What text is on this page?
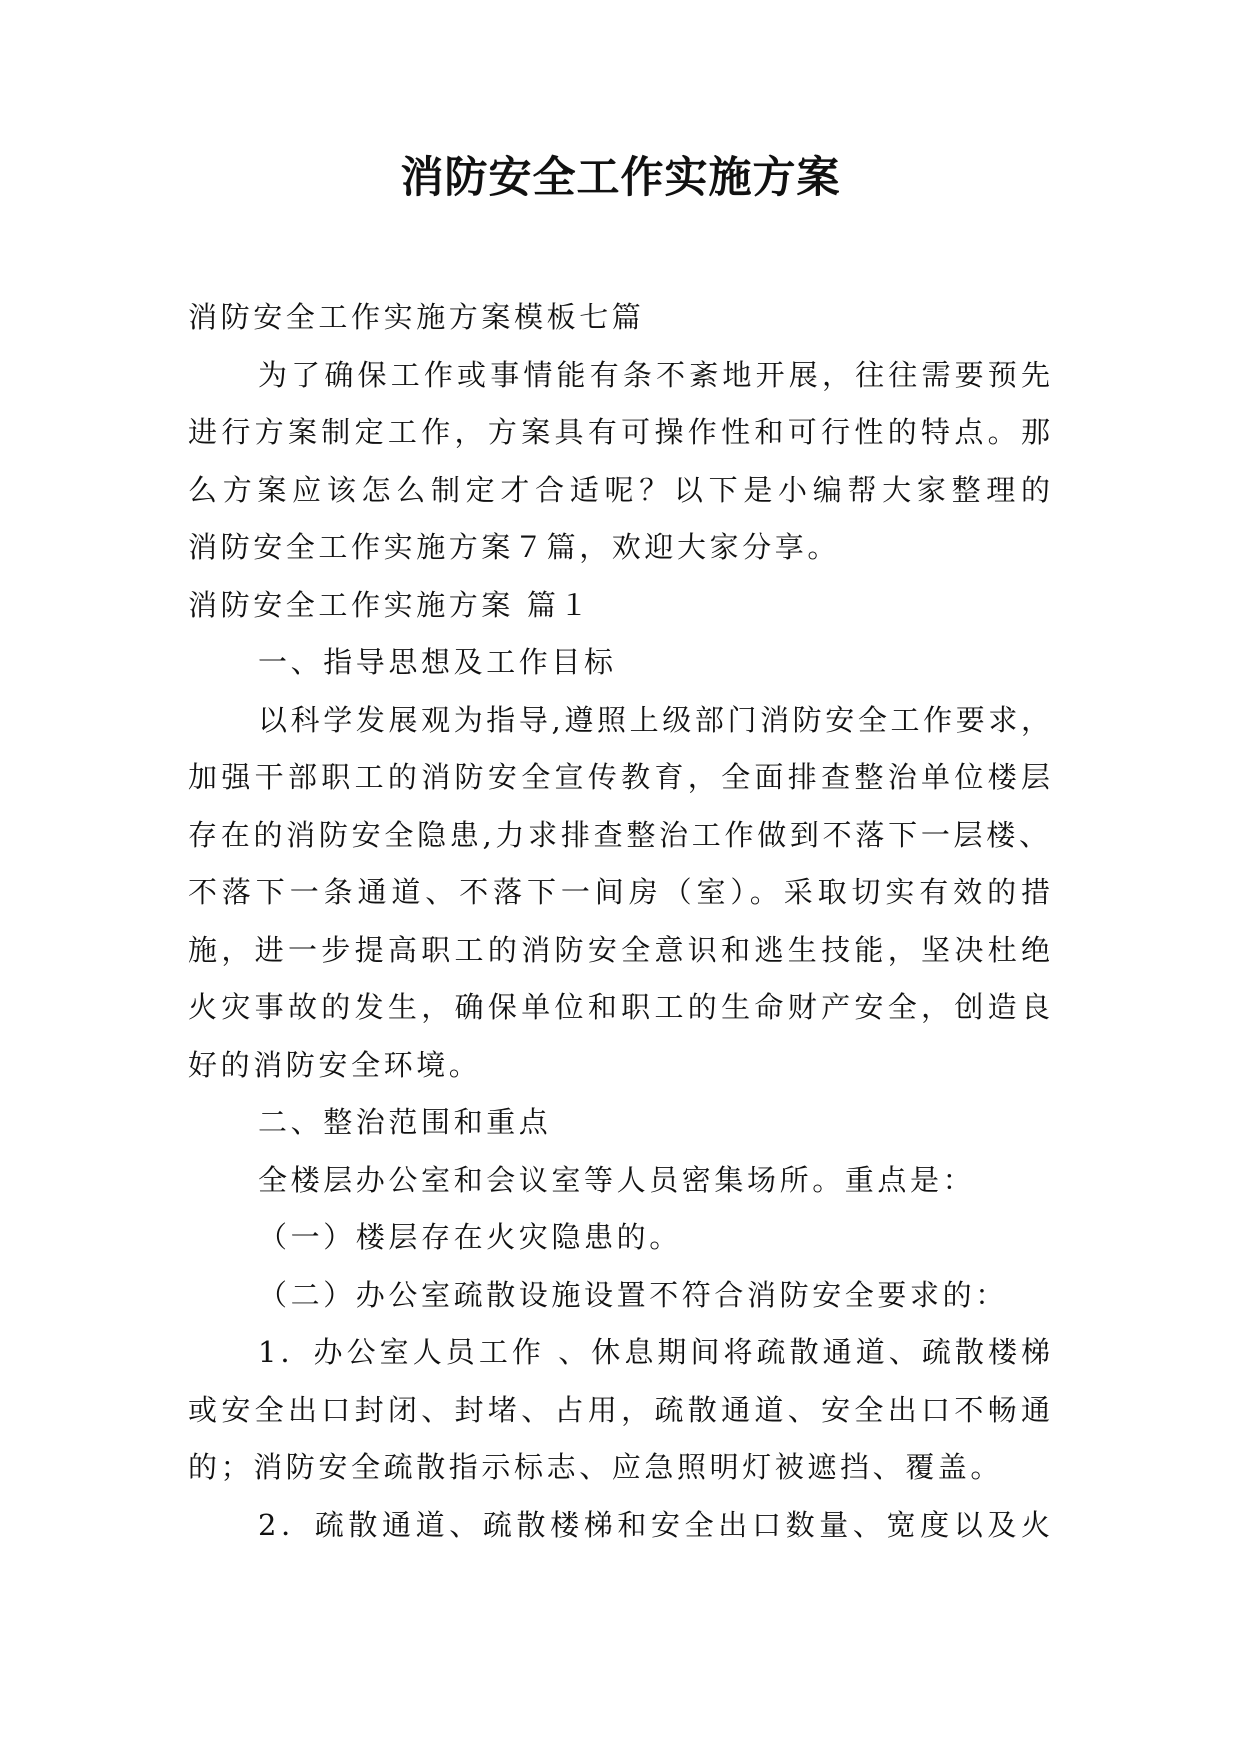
消防安全工作实施方案
消防安全工作实施方案模板七篇
为了确保工作或事情能有条不紊地开展，往往需要预先
进行方案制定工作，方案具有可操作性和可行性的特点。那
么方案应该怎么制定才合适呢？以下是小编帮大家整理的
消防安全工作实施方案７篇，欢迎大家分享。
消防安全工作实施方案 篇１
一、指导思想及工作目标
以科学发展观为指导,遵照上级部门消防安全工作要求，
加强干部职工的消防安全宣传教育，全面排查整治单位楼层
存在的消防安全隐患,力求排查整治工作做到不落下一层楼、
不落下一条通道、不落下一间房（室）。采取切实有效的措
施，进一步提高职工的消防安全意识和逃生技能，坚决杜绝
火灾事故的发生，确保单位和职工的生命财产安全，创造良
好的消防安全环境。
二、整治范围和重点
全楼层办公室和会议室等人员密集场所。重点是：
（一）楼层存在火灾隐患的。
（二）办公室疏散设施设置不符合消防安全要求的：
1．办公室人员工作 、休息期间将疏散通道、疏散楼梯
或安全出口封闭、封堵、占用，疏散通道、安全出口不畅通
的；消防安全疏散指示标志、应急照明灯被遮挡、覆盖。
2．疏散通道、疏散楼梯和安全出口数量、宽度以及火
